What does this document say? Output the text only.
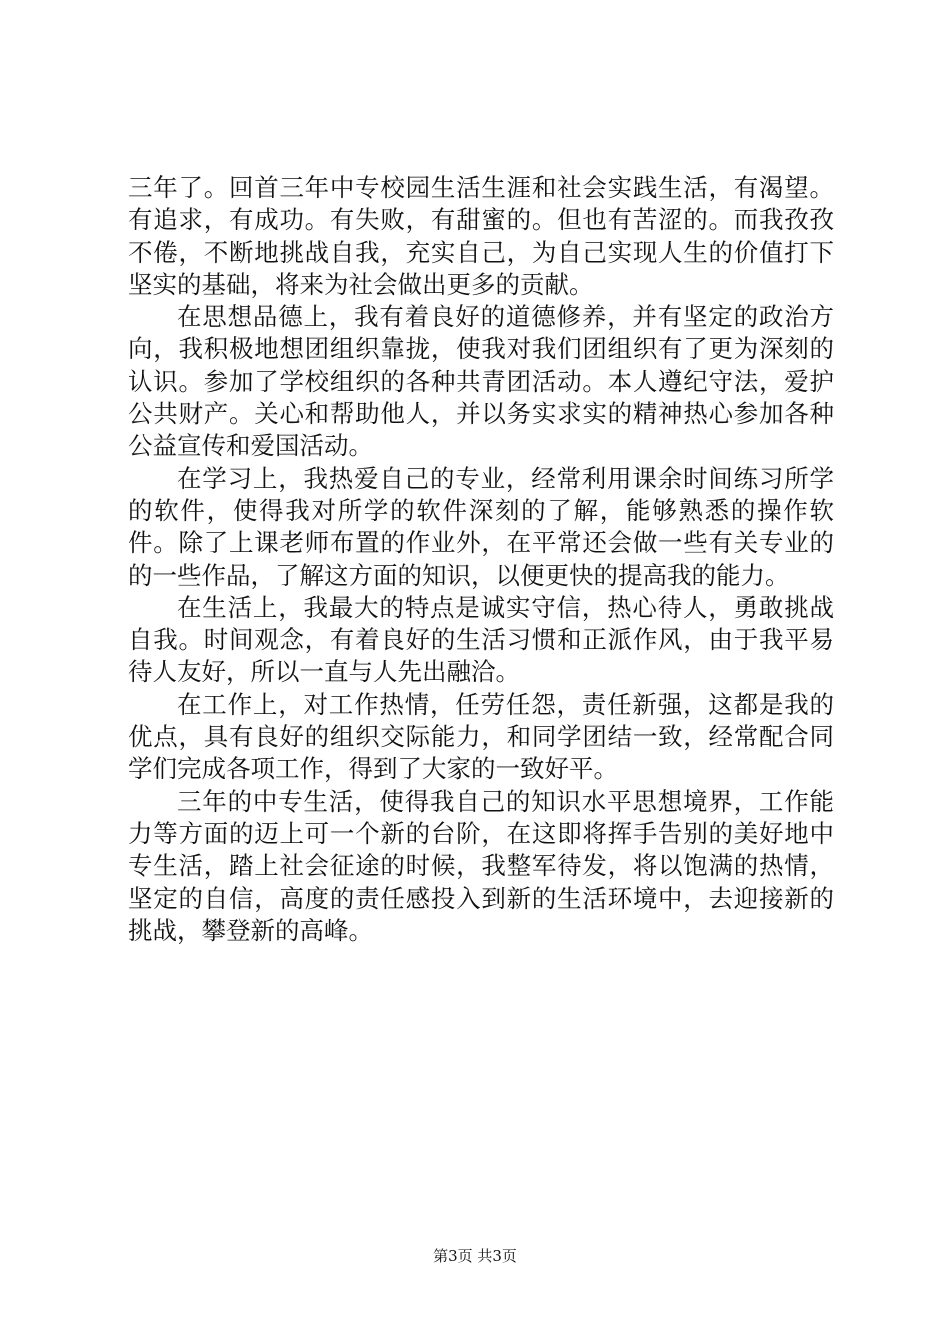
三年了。回首三年中专校园生活生涯和社会实践生活，有渴望。有追求，有成功。有失败，有甜蜜的。但也有苦涩的。而我孜孜不倦，不断地挑战自我，充实自己，为自己实现人生的价值打下坚实的基础，将来为社会做出更多的贡献。

在思想品德上，我有着良好的道德修养，并有坚定的政治方向，我积极地想团组织靠拢，使我对我们团组织有了更为深刻的认识。参加了学校组织的各种共青团活动。本人遵纪守法，爱护公共财产。关心和帮助他人，并以务实求实的精神热心参加各种公益宣传和爱国活动。

在学习上，我热爱自己的专业，经常利用课余时间练习所学的软件，使得我对所学的软件深刻的了解，能够熟悉的操作软件。除了上课老师布置的作业外，在平常还会做一些有关专业的的一些作品，了解这方面的知识，以便更快的提高我的能力。

在生活上，我最大的特点是诚实守信，热心待人，勇敢挑战自我。时间观念，有着良好的生活习惯和正派作风，由于我平易待人友好，所以一直与人先出融洽。

在工作上，对工作热情，任劳任怨，责任新强，这都是我的优点，具有良好的组织交际能力，和同学团结一致，经常配合同学们完成各项工作，得到了大家的一致好平。

三年的中专生活，使得我自己的知识水平思想境界，工作能力等方面的迈上可一个新的台阶，在这即将挥手告别的美好地中专生活，踏上社会征途的时候，我整军待发，将以饱满的热情，坚定的自信，高度的责任感投入到新的生活环境中，去迎接新的挑战，攀登新的高峰。

第3页 共3页
